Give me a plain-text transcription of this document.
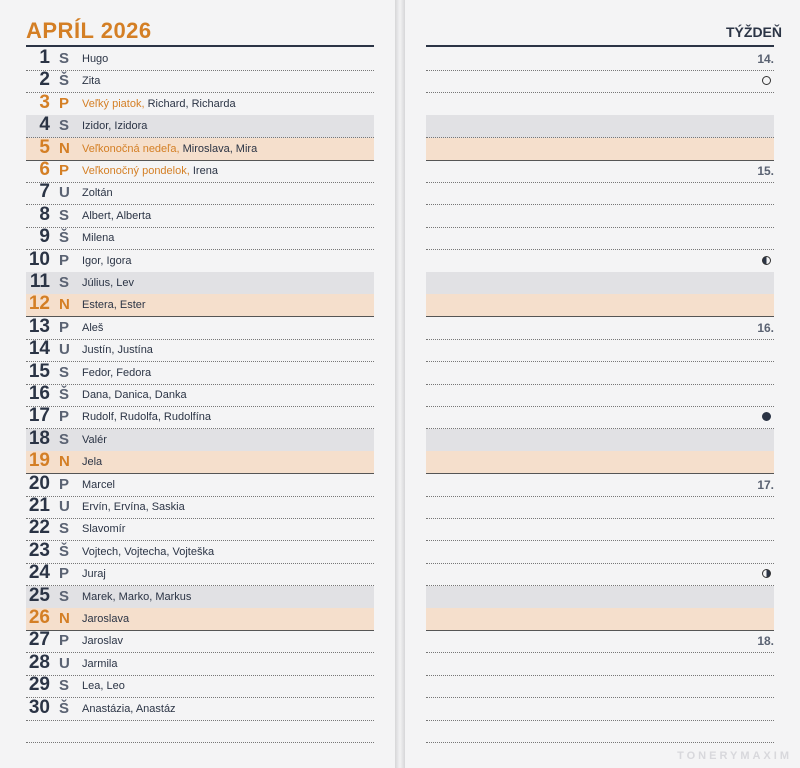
APRÍL 2026	TÝŽDEŇ
1 S Hugo
2 Š Zita
3 P Veľký piatok, Richard, Richarda
4 S Izidor, Izidora
5 N Veľkonočná nedeľa, Miroslava, Mira
6 P Veľkonočný pondelok, Irena
7 U Zoltán
8 S Albert, Alberta
9 Š Milena
10 P Igor, Igora
11 S Július, Lev
12 N Estera, Ester
13 P Aleš
14 U Justín, Justína
15 S Fedor, Fedora
16 Š Dana, Danica, Danka
17 P Rudolf, Rudolfa, Rudolfína
18 S Valér
19 N Jela
20 P Marcel
21 U Ervín, Ervína, Saskia
22 S Slavomír
23 Š Vojtech, Vojtecha, Vojteška
24 P Juraj
25 S Marek, Marko, Markus
26 N Jaroslava
27 P Jaroslav
28 U Jarmila
29 S Lea, Leo
30 Š Anastázia, Anastáz
14.
15.
16.
17.
18.
TONERYMAXIM
